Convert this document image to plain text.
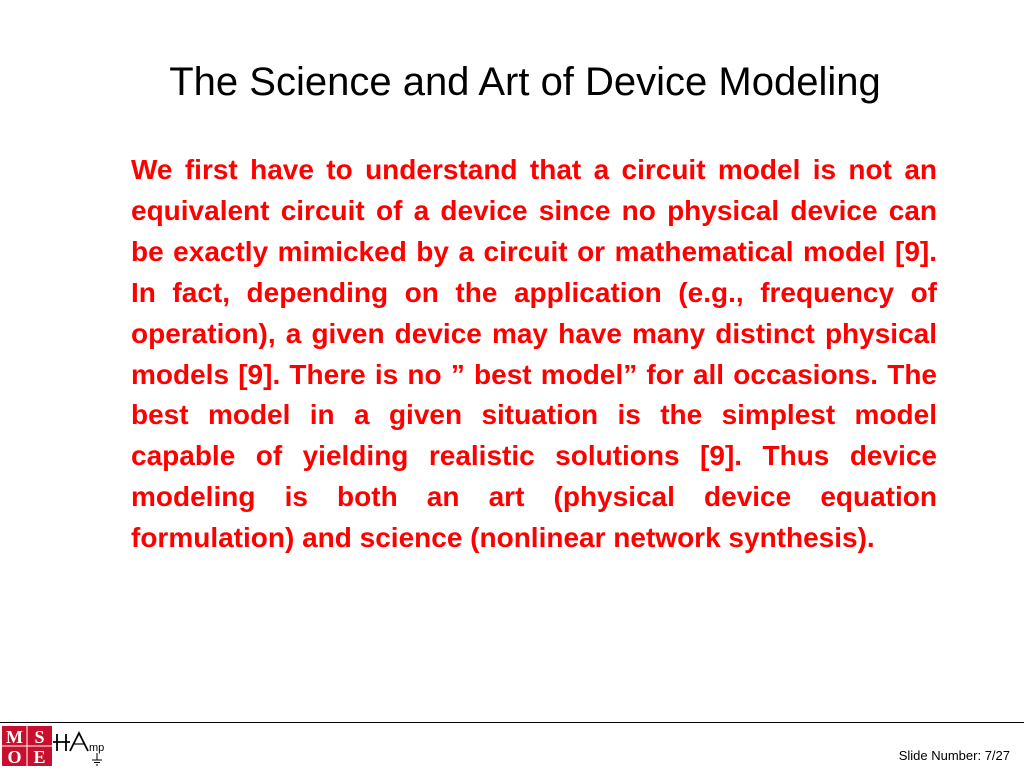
The Science and Art of Device Modeling
We first have to understand that a circuit model is not an equivalent circuit of a device since no physical device can be exactly mimicked by a circuit or mathematical model [9]. In fact, depending on the application (e.g., frequency of operation), a given device may have many distinct physical models [9]. There is no ” best model” for all occasions. The best model in a given situation is the simplest model capable of yielding realistic solutions [9]. Thus device modeling is both an art (physical device equation formulation) and science (nonlinear network synthesis).
M S
O E	mp	Slide Number: 7/27
